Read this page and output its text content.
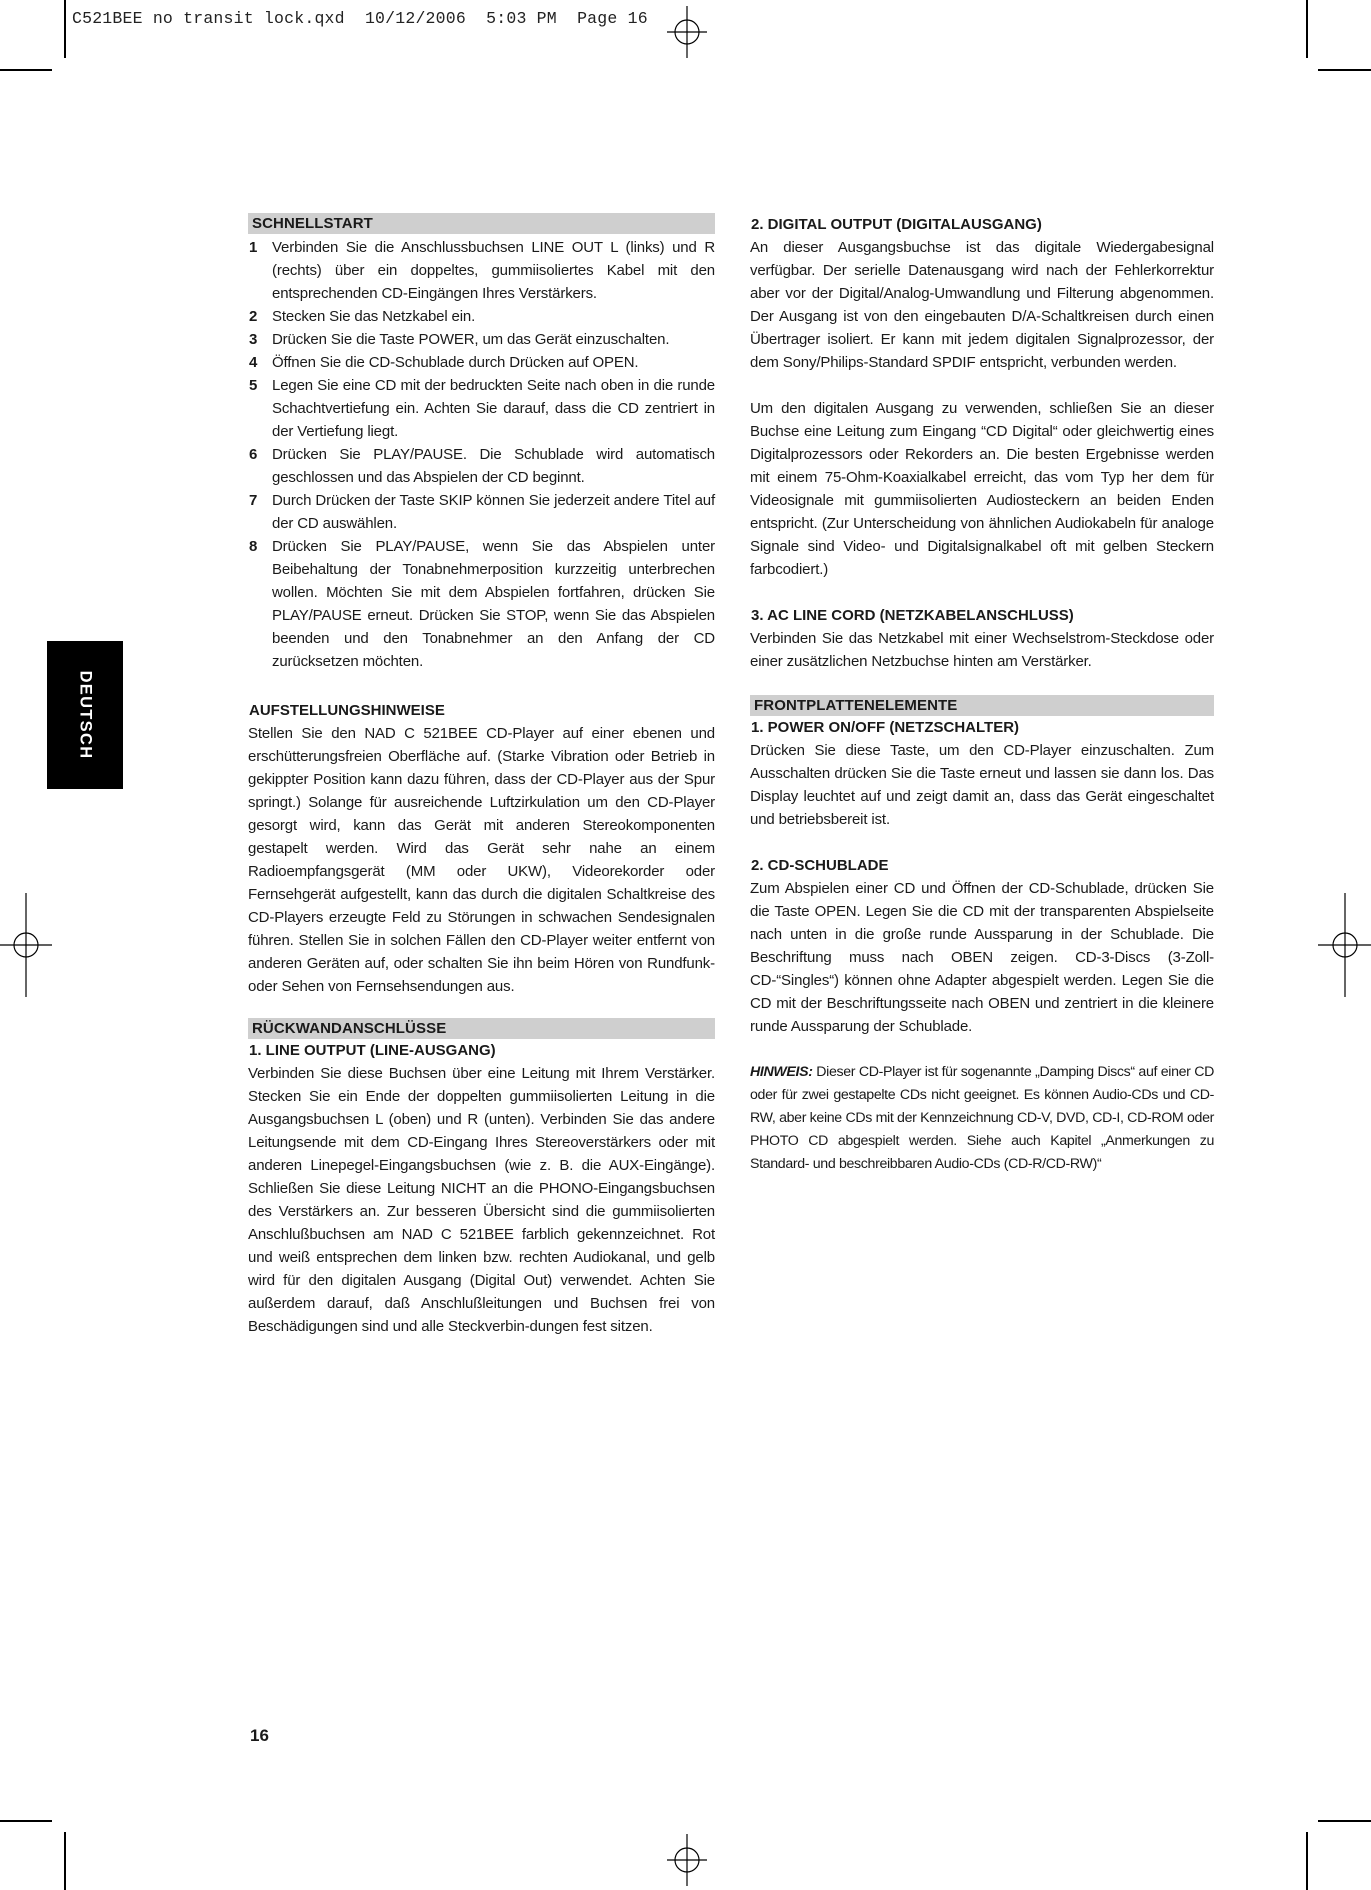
C521BEE no transit lock.qxd  10/12/2006  5:03 PM  Page 16
DEUTSCH
SCHNELLSTART
1 Verbinden Sie die Anschlussbuchsen LINE OUT L (links) und R (rechts) über ein doppeltes, gummiisoliertes Kabel mit den entsprechenden CD-Eingängen Ihres Verstärkers.
2 Stecken Sie das Netzkabel ein.
3 Drücken Sie die Taste POWER, um das Gerät einzuschalten.
4 Öffnen Sie die CD-Schublade durch Drücken auf OPEN.
5 Legen Sie eine CD mit der bedruckten Seite nach oben in die runde Schachtvertiefung ein. Achten Sie darauf, dass die CD zentriert in der Vertiefung liegt.
6 Drücken Sie PLAY/PAUSE. Die Schublade wird automatisch geschlossen und das Abspielen der CD beginnt.
7 Durch Drücken der Taste SKIP können Sie jederzeit andere Titel auf der CD auswählen.
8 Drücken Sie PLAY/PAUSE, wenn Sie das Abspielen unter Beibehaltung der Tonabnehmerposition kurzzeitig unterbrechen wollen. Möchten Sie mit dem Abspielen fortfahren, drücken Sie PLAY/PAUSE erneut. Drücken Sie STOP, wenn Sie das Abspielen beenden und den Tonabnehmer an den Anfang der CD zurücksetzen möchten.
AUFSTELLUNGSHINWEISE

Stellen Sie den NAD C 521BEE CD-Player auf einer ebenen und erschütterungsfreien Oberfläche auf. (Starke Vibration oder Betrieb in gekippter Position kann dazu führen, dass der CD-Player aus der Spur springt.) Solange für ausreichende Luftzirkulation um den CD-Player gesorgt wird, kann das Gerät mit anderen Stereokomponenten gestapelt werden. Wird das Gerät sehr nahe an einem Radioempfangsgerät (MM oder UKW), Videorekorder oder Fernsehgerät aufgestellt, kann das durch die digitalen Schaltkreise des CD-Players erzeugte Feld zu Störungen in schwachen Sendesignalen führen. Stellen Sie in solchen Fällen den CD-Player weiter entfernt von anderen Geräten auf, oder schalten Sie ihn beim Hören von Rundfunk- oder Sehen von Fernsehsendungen aus.

RÜCKWANDANSCHLÜSSE
1. LINE OUTPUT (LINE-AUSGANG)

Verbinden Sie diese Buchsen über eine Leitung mit Ihrem Verstärker. Stecken Sie ein Ende der doppelten gummiisolierten Leitung in die Ausgangsbuchsen L (oben) und R (unten). Verbinden Sie das andere Leitungsende mit dem CD-Eingang Ihres Stereoverstärkers oder mit anderen Linepegel-Eingangsbuchsen (wie z. B. die AUX-Eingänge). Schließen Sie diese Leitung NICHT an die PHONO-Eingangsbuchsen des Verstärkers an. Zur besseren Übersicht sind die gummiisolierten Anschlußbuchsen am NAD C 521BEE farblich gekennzeichnet. Rot und weiß entsprechen dem linken bzw. rechten Audiokanal, und gelb wird für den digitalen Ausgang (Digital Out) verwendet. Achten Sie außerdem darauf, daß Anschlußleitungen und Buchsen frei von Beschädigungen sind und alle Steckverbin-dungen fest sitzen.

2. DIGITAL OUTPUT (DIGITALAUSGANG)

An dieser Ausgangsbuchse ist das digitale Wiedergabesignal verfügbar. Der serielle Datenausgang wird nach der Fehlerkorrektur aber vor der Digital/Analog-Umwandlung und Filterung abgenommen. Der Ausgang ist von den eingebauten D/A-Schaltkreisen durch einen Übertrager isoliert. Er kann mit jedem digitalen Signalprozessor, der dem Sony/Philips-Standard SPDIF entspricht, verbunden werden.

Um den digitalen Ausgang zu verwenden, schließen Sie an dieser Buchse eine Leitung zum Eingang “CD Digital“ oder gleichwertig eines Digitalprozessors oder Rekorders an. Die besten Ergebnisse werden mit einem 75-Ohm-Koaxialkabel erreicht, das vom Typ her dem für Videosignale mit gummiisolierten Audiosteckern an beiden Enden entspricht. (Zur Unterscheidung von ähnlichen Audiokabeln für analoge Signale sind Video- und Digitalsignalkabel oft mit gelben Steckern farbcodiert.)

3. AC LINE CORD (NETZKABELANSCHLUSS)

Verbinden Sie das Netzkabel mit einer Wechselstrom-Steckdose oder einer zusätzlichen Netzbuchse hinten am Verstärker.

FRONTPLATTENELEMENTE
1. POWER ON/OFF (NETZSCHALTER)

Drücken Sie diese Taste, um den CD-Player einzuschalten. Zum Ausschalten drücken Sie die Taste erneut und lassen sie dann los. Das Display leuchtet auf und zeigt damit an, dass das Gerät eingeschaltet und betriebsbereit ist.

2. CD-SCHUBLADE

Zum Abspielen einer CD und Öffnen der CD-Schublade, drücken Sie die Taste OPEN. Legen Sie die CD mit der transparenten Abspielseite nach unten in die große runde Aussparung in der Schublade. Die Beschriftung muss nach OBEN zeigen. CD-3-Discs (3-Zoll-CD-“Singles“) können ohne Adapter abgespielt werden. Legen Sie die CD mit der Beschriftungsseite nach OBEN und zentriert in die kleinere runde Aussparung der Schublade.

HINWEIS: Dieser CD-Player ist für sogenannte „Damping Discs“ auf einer CD oder für zwei gestapelte CDs nicht geeignet. Es können Audio-CDs und CD-RW, aber keine CDs mit der Kennzeichnung CD-V, DVD, CD-I, CD-ROM oder PHOTO CD abgespielt werden. Siehe auch Kapitel „Anmerkungen zu Standard- und beschreibbaren Audio-CDs (CD-R/CD-RW)“

16
